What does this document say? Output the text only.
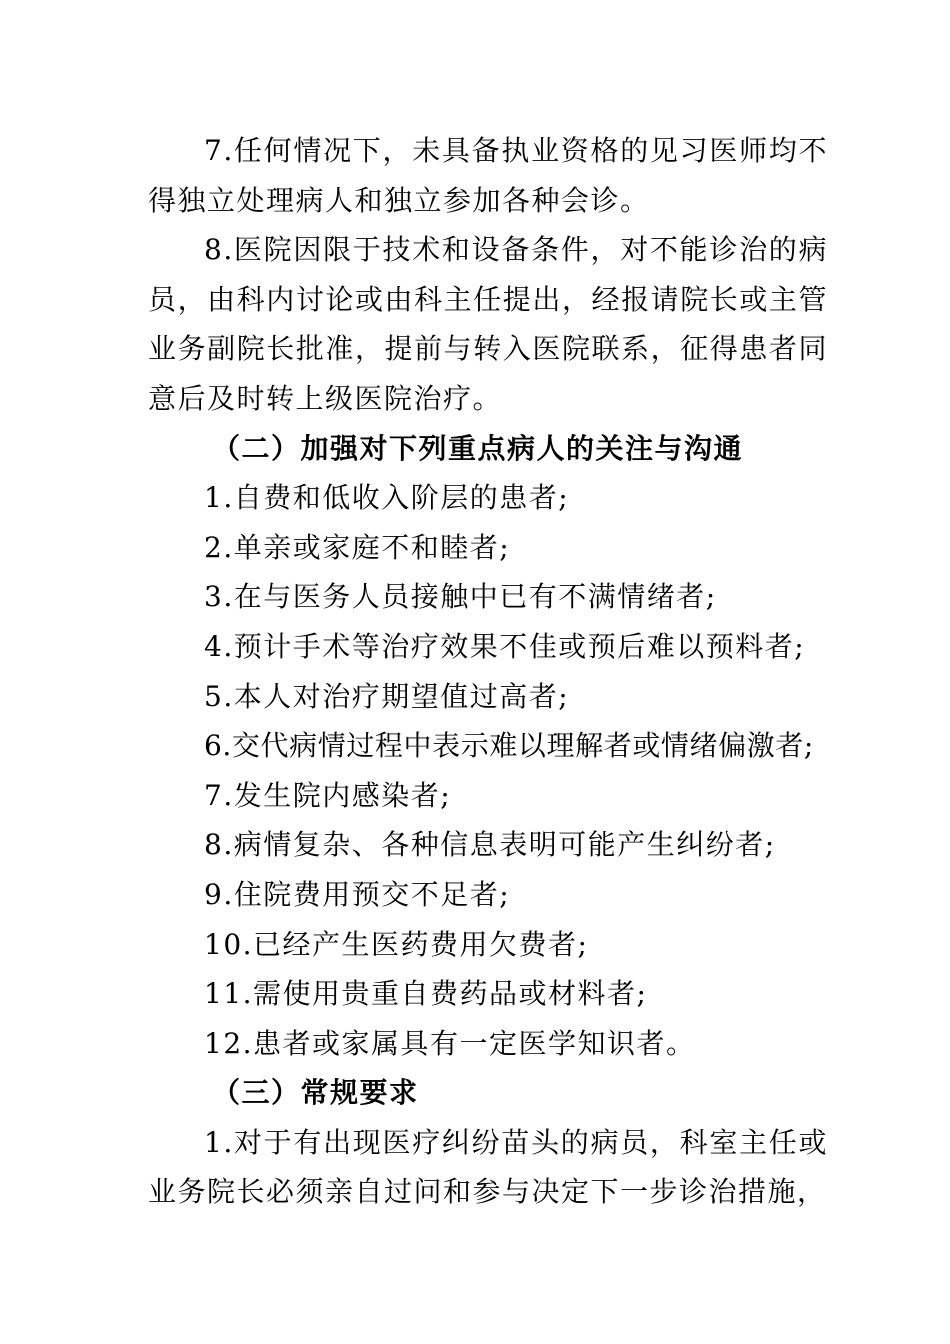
7.任何情况下，未具备执业资格的见习医师均不得独立处理病人和独立参加各种会诊。

8.医院因限于技术和设备条件，对不能诊治的病员，由科内讨论或由科主任提出，经报请院长或主管业务副院长批准，提前与转入医院联系，征得患者同意后及时转上级医院治疗。

（二）加强对下列重点病人的关注与沟通

1.自费和低收入阶层的患者;

2.单亲或家庭不和睦者;

3.在与医务人员接触中已有不满情绪者;

4.预计手术等治疗效果不佳或预后难以预料者;

5.本人对治疗期望值过高者;

6.交代病情过程中表示难以理解者或情绪偏激者;

7.发生院内感染者;

8.病情复杂、各种信息表明可能产生纠纷者;

9.住院费用预交不足者;

10.已经产生医药费用欠费者;

11.需使用贵重自费药品或材料者;

12.患者或家属具有一定医学知识者。

（三）常规要求

1.对于有出现医疗纠纷苗头的病员，科室主任或业务院长必须亲自过问和参与决定下一步诊治措施，
